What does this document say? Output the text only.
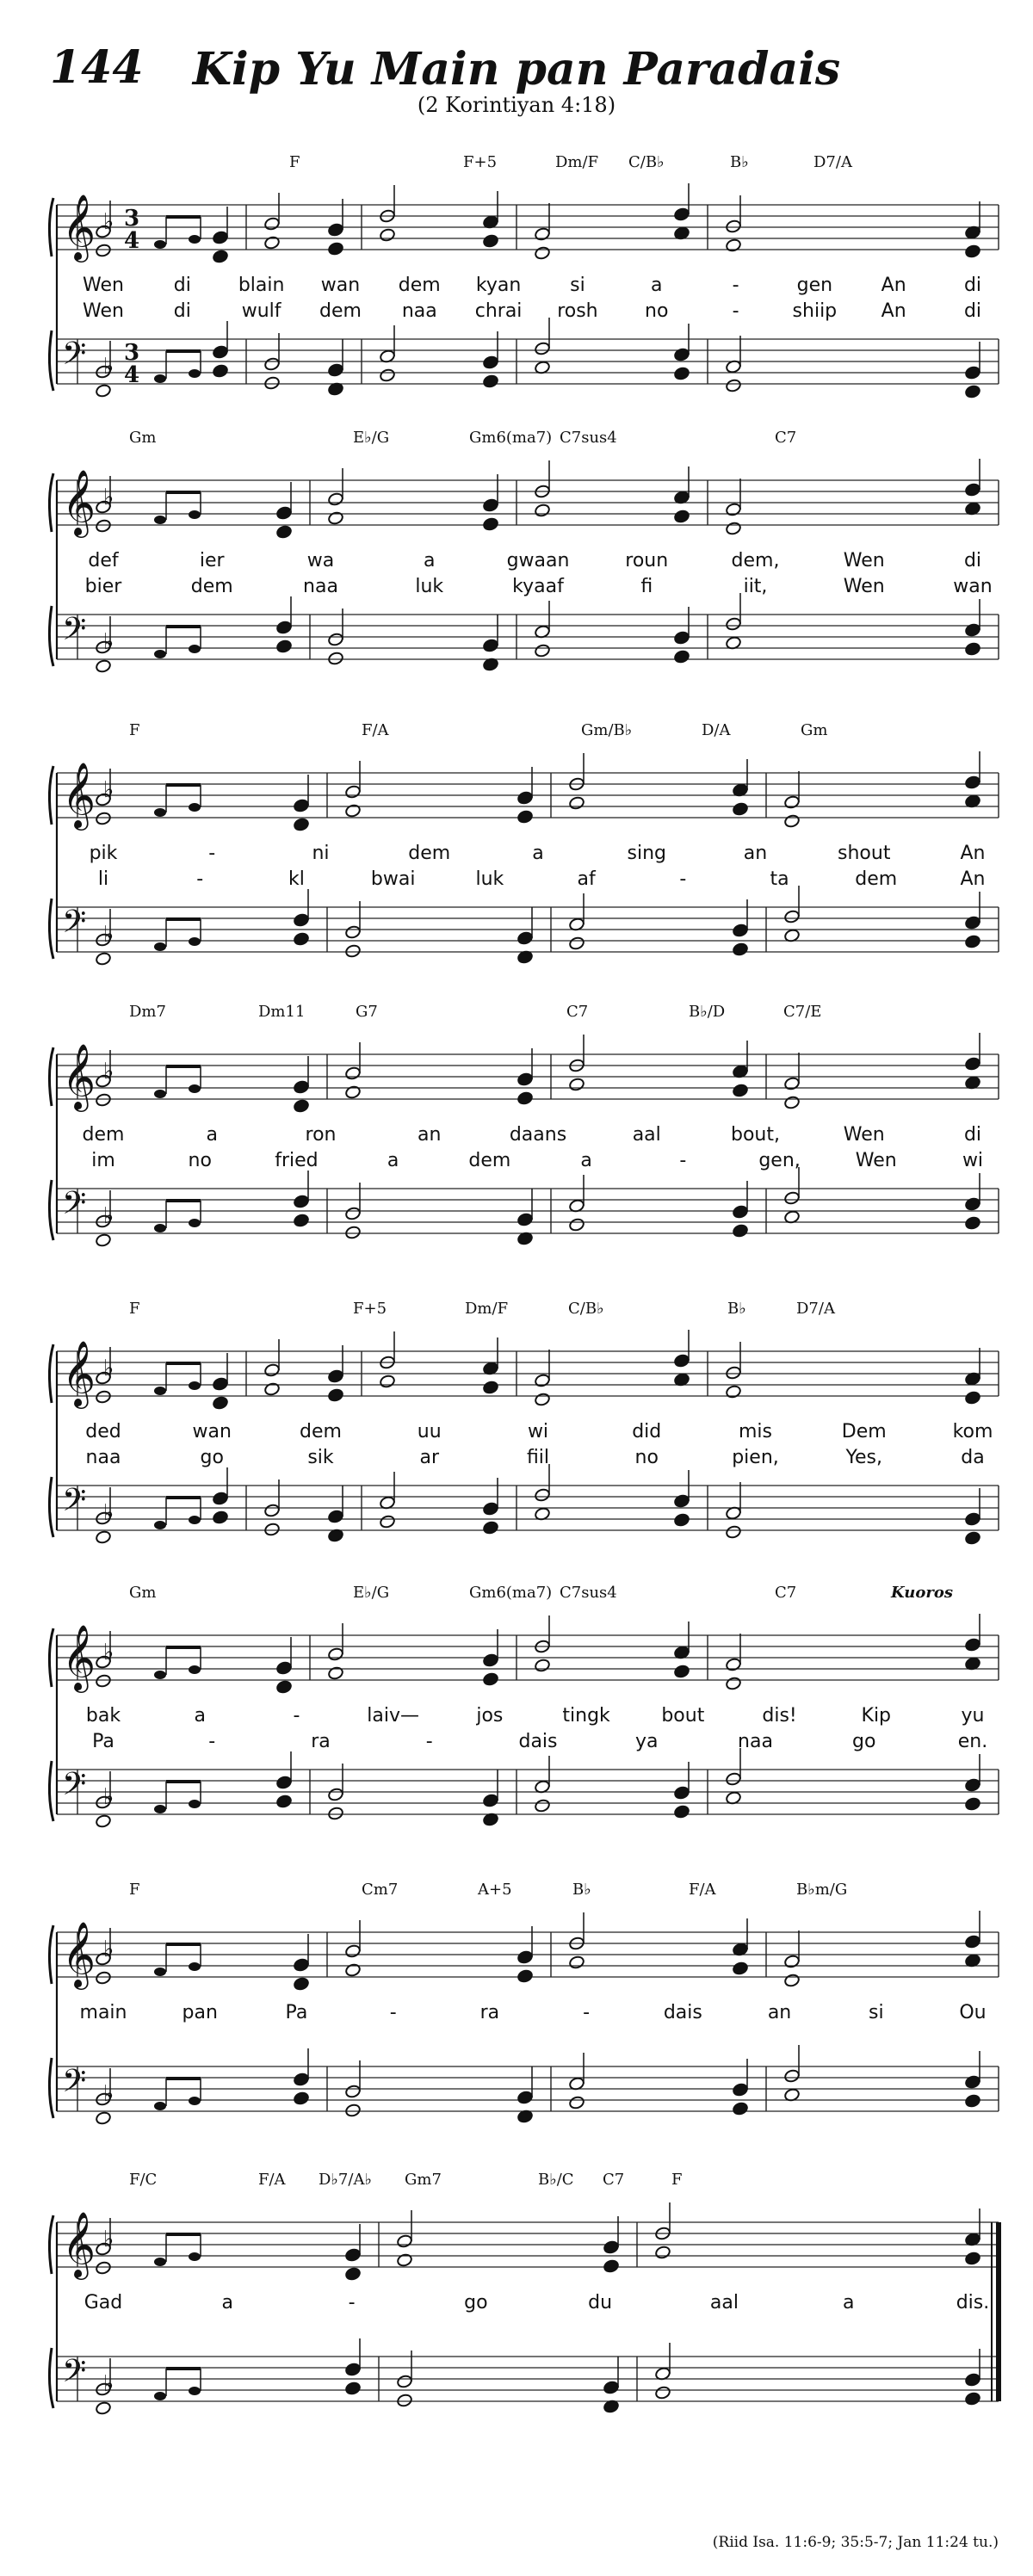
144	Kip Yu Main pan Paradais
(2 Korintiyan 4:18)
F	F+5	Dm/F C/B♭	B♭	D7/A
𝄞 ♭
𝄢 ♭
3
4
3
4
Wen	di blain wan dem kyan	si	a	-	gen	An	di
Wen	di	wulf dem naa chrai rosh no	-	shiip An	di
Gm	E♭/G	Gm6(ma7) C7sus4	C7
𝄞 ♭
𝄢 ♭
def	ier	wa	a	gwaan	roun	dem,	Wen	di
bier	dem	naa	luk	kyaaf	fi	iit,	Wen	wan
F	F/A	Gm/B♭	D/A	Gm
𝄞 ♭
𝄢 ♭
pik	-	ni	dem	a	sing	an	shout	An
li	-	kl	bwai	luk	af	-	ta	dem	An
Dm7	Dm11	G7	C7	B♭/D	C7/E
𝄞 ♭
𝄢 ♭
dem	a	ron	an	daans	aal	bout,	Wen	di
im	no	fried	a	dem	a	-	gen,	Wen	wi
F	F+5	Dm/F	C/B♭	B♭	D7/A
𝄞 ♭
𝄢 ♭
ded	wan	dem	uu	wi	did	mis	Dem	kom
naa	go	sik	ar	fiil	no	pien,	Yes,	da
Gm	E♭/G	Gm6(ma7) C7sus4	C7	Kuoros
𝄞 ♭
𝄢 ♭
bak	a	-	laiv—	jos	tingk	bout	dis!	Kip	yu
Pa	-	ra	-	dais	ya	naa	go	en.
F	Cm7	A+5	B♭	F/A	B♭m/G
𝄞 ♭
𝄢 ♭
main	pan	Pa	-	ra	-	dais	an	si	Ou
F/C	F/A D♭7/A♭ Gm7	B♭/C C7	F
𝄞 ♭
𝄢 ♭
Gad	a	-	go	du	aal	a	dis.
(Riid Isa. 11:6-9; 35:5-7; Jan 11:24 tu.)
